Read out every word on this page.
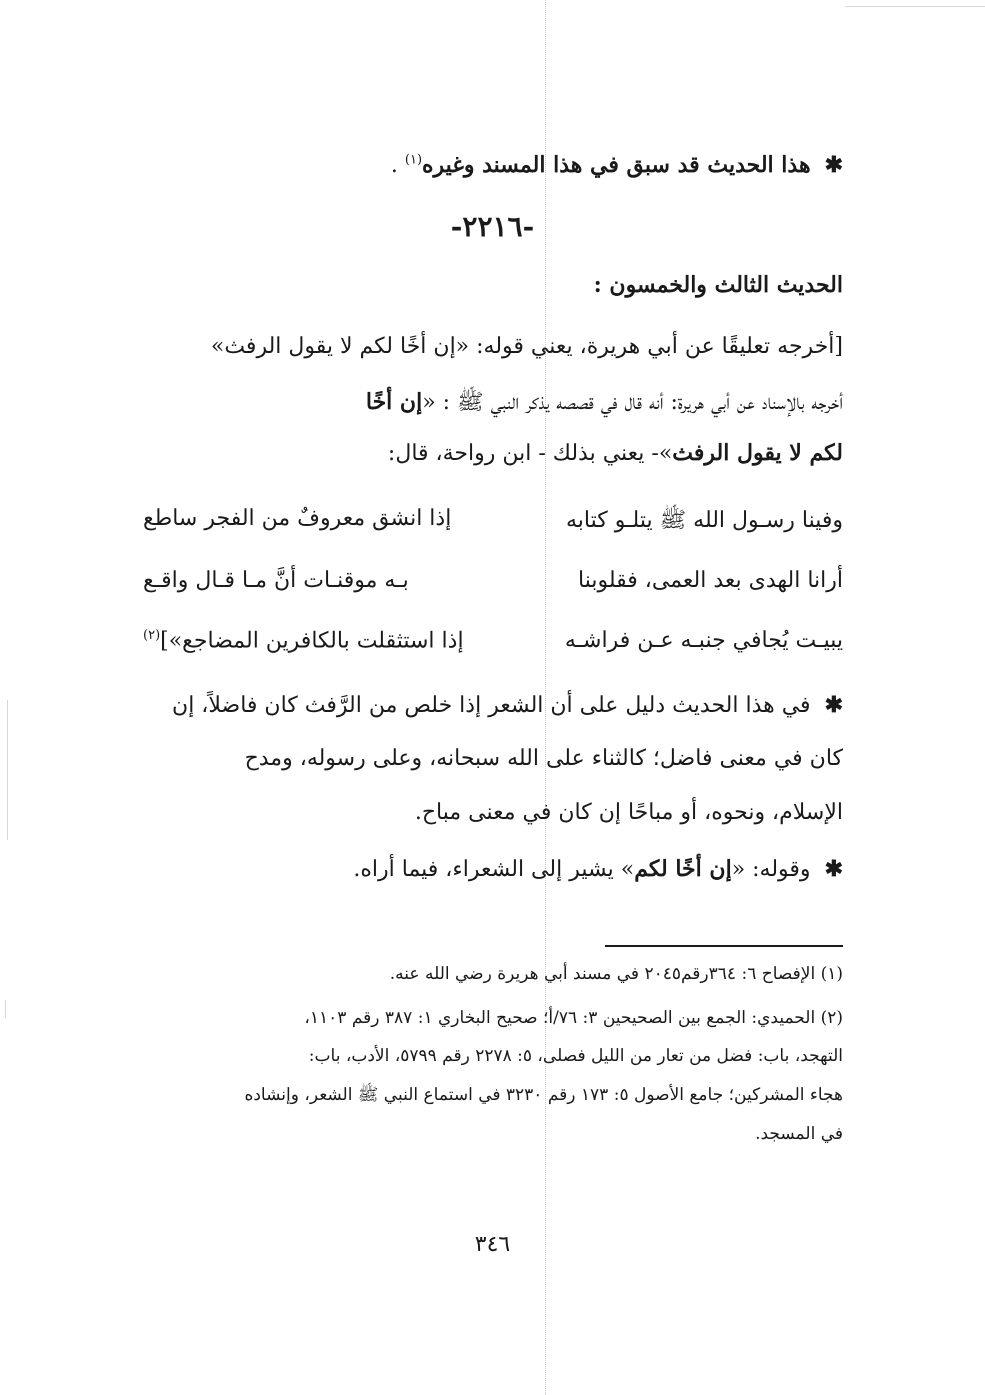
✱هذا الحديث قد سبق في هذا المسند وغيره$^{(١)}$ .
-٢٢١٦-
الحديث الثالث والخمسون :
[أخرجه تعليقًا عن أبي هريرة، يعني قوله: «إن أخًا لكم لا يقول الرفث»
أخرجه بالإسناد عن أبي هريرة: أنه قال في قصصه يذكر النبي ﷺ : «إن أخًا
لكم لا يقول الرفث»- يعني بذلك - ابن رواحة، قال:
وفينا رسـول الله ﷺ يتلـو كتابه
إذا انشق معروفٌ من الفجر ساطع
أرانا الهدى بعد العمى، فقلوبنا
بـه موقنـات أنَّ مـا قـال واقـع
يبيـت يُجافي جنبـه عـن فراشـه
إذا استثقلت بالكافرين المضاجع»]$^{(٢)}$
✱في هذا الحديث دليل على أن الشعر إذا خلص من الرَّفث كان فاضلاً، إن
كان في معنى فاضل؛ كالثناء على الله سبحانه، وعلى رسوله، ومدح
الإسلام، ونحوه، أو مباحًا إن كان في معنى مباح.
✱وقوله: «إن أخًا لكم» يشير إلى الشعراء، فيما أراه.
(١) الإفصاح ٦: ٣٦٤رقم٢٠٤٥ في مسند أبي هريرة رضي الله عنه.
(٢) الحميدي: الجمع بين الصحيحين ٣: ٧٦/أ؛ صحيح البخاري ١: ٣٨٧ رقم ١١٠٣،
التهجد، باب: فضل من تعار من الليل فصلى، ٥: ٢٢٧٨ رقم ٥٧٩٩، الأدب، باب:
هجاء المشركين؛ جامع الأصول ٥: ١٧٣ رقم ٣٢٣٠ في استماع النبي ﷺ الشعر، وإنشاده
في المسجد.
٣٤٦
